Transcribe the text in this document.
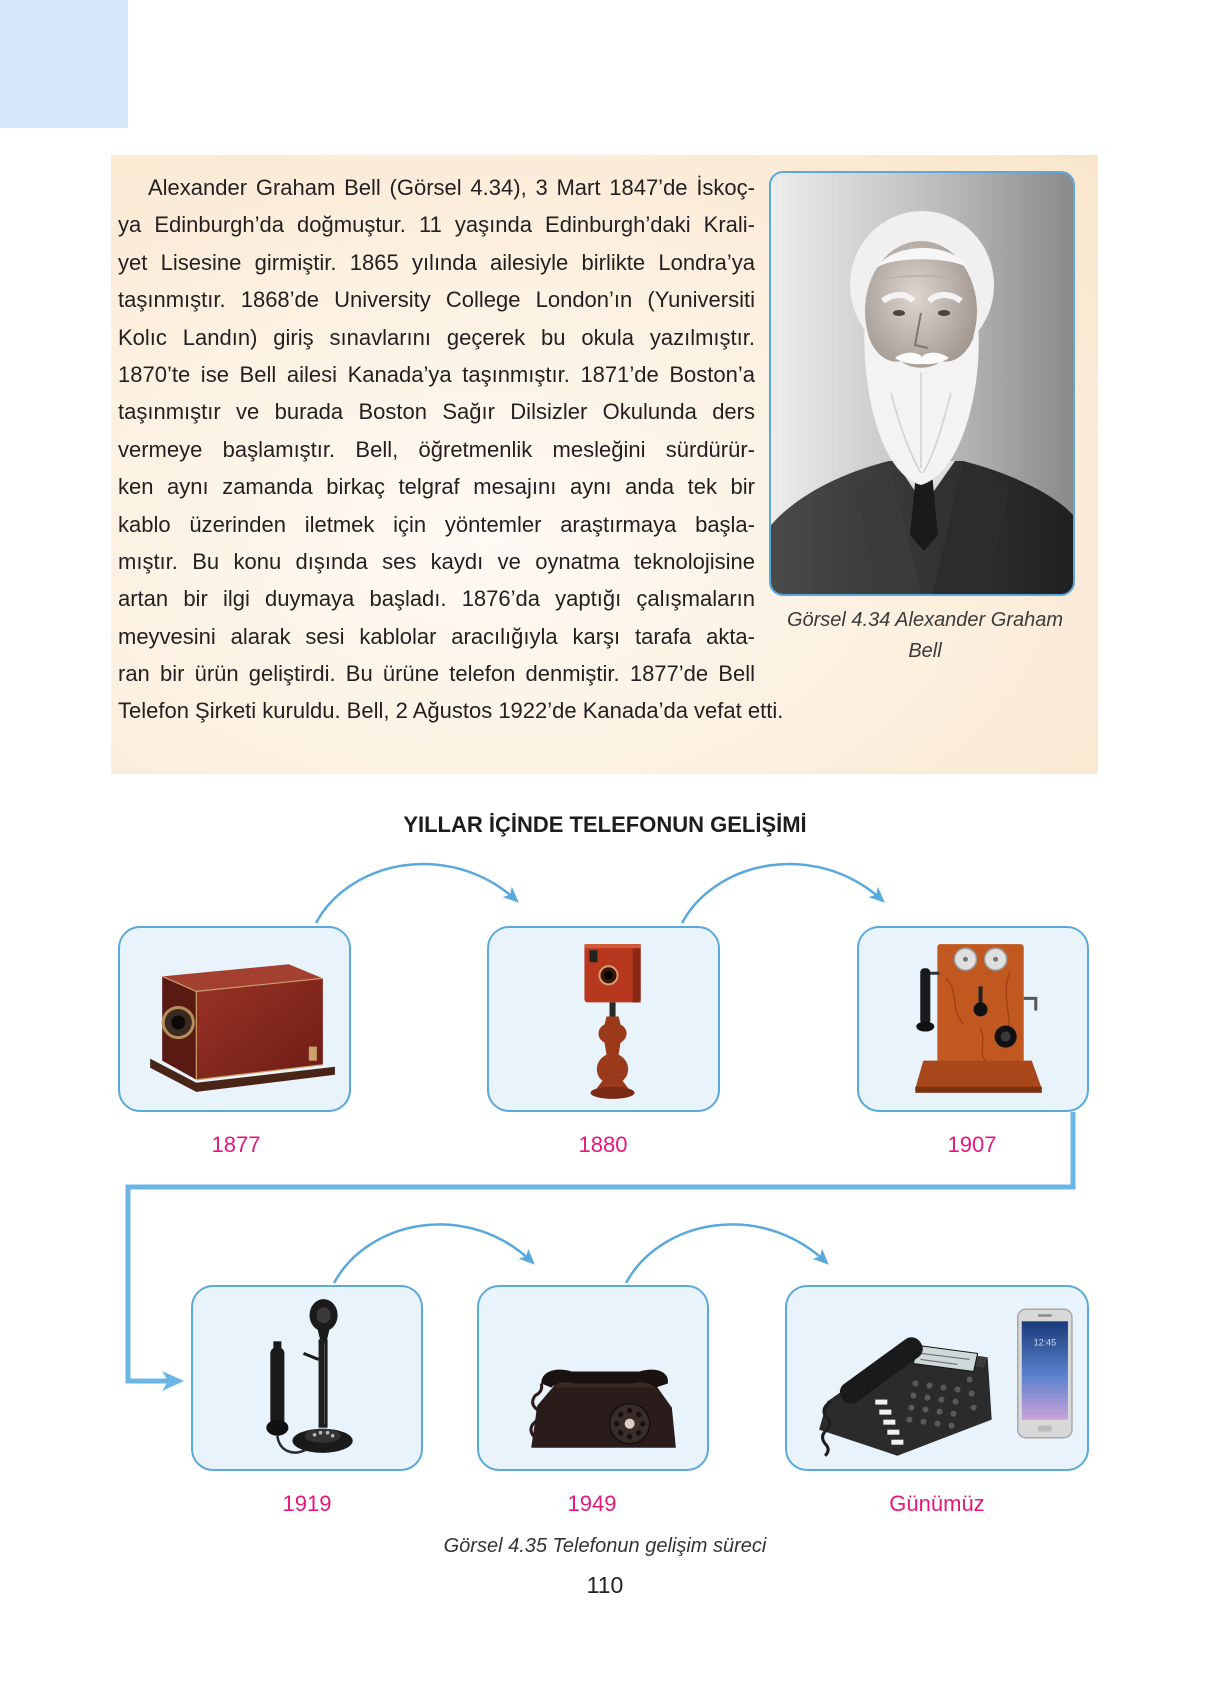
Alexander Graham Bell (Görsel 4.34), 3 Mart 1847’de İskoç-
ya Edinburgh’da doğmuştur. 11 yaşında Edinburgh’daki Krali-
yet Lisesine girmiştir. 1865 yılında ailesiyle birlikte Londra’ya
taşınmıştır. 1868’de University College London’ın (Yuniversiti
Kolıc Landın) giriş sınavlarını geçerek bu okula yazılmıştır.
1870’te ise Bell ailesi Kanada’ya taşınmıştır. 1871’de Boston’a
taşınmıştır ve burada Boston Sağır Dilsizler Okulunda ders
vermeye başlamıştır. Bell, öğretmenlik mesleğini sürdürür-
ken aynı zamanda birkaç telgraf mesajını aynı anda tek bir
kablo üzerinden iletmek için yöntemler araştırmaya başla-
mıştır. Bu konu dışında ses kaydı ve oynatma teknolojisine
artan bir ilgi duymaya başladı. 1876’da yaptığı çalışmaların
meyvesini alarak sesi kablolar aracılığıyla karşı tarafa akta-
ran bir ürün geliştirdi. Bu ürüne telefon denmiştir. 1877’de Bell
Telefon Şirketi kuruldu. Bell, 2 Ağustos 1922’de Kanada’da vefat etti.
Görsel 4.34 Alexander Graham Bell
YILLAR İÇİNDE TELEFONUN GELİŞİMİ
1877	1880	1907
12:45
1919	1949	Günümüz
Görsel 4.35 Telefonun gelişim süreci
110
